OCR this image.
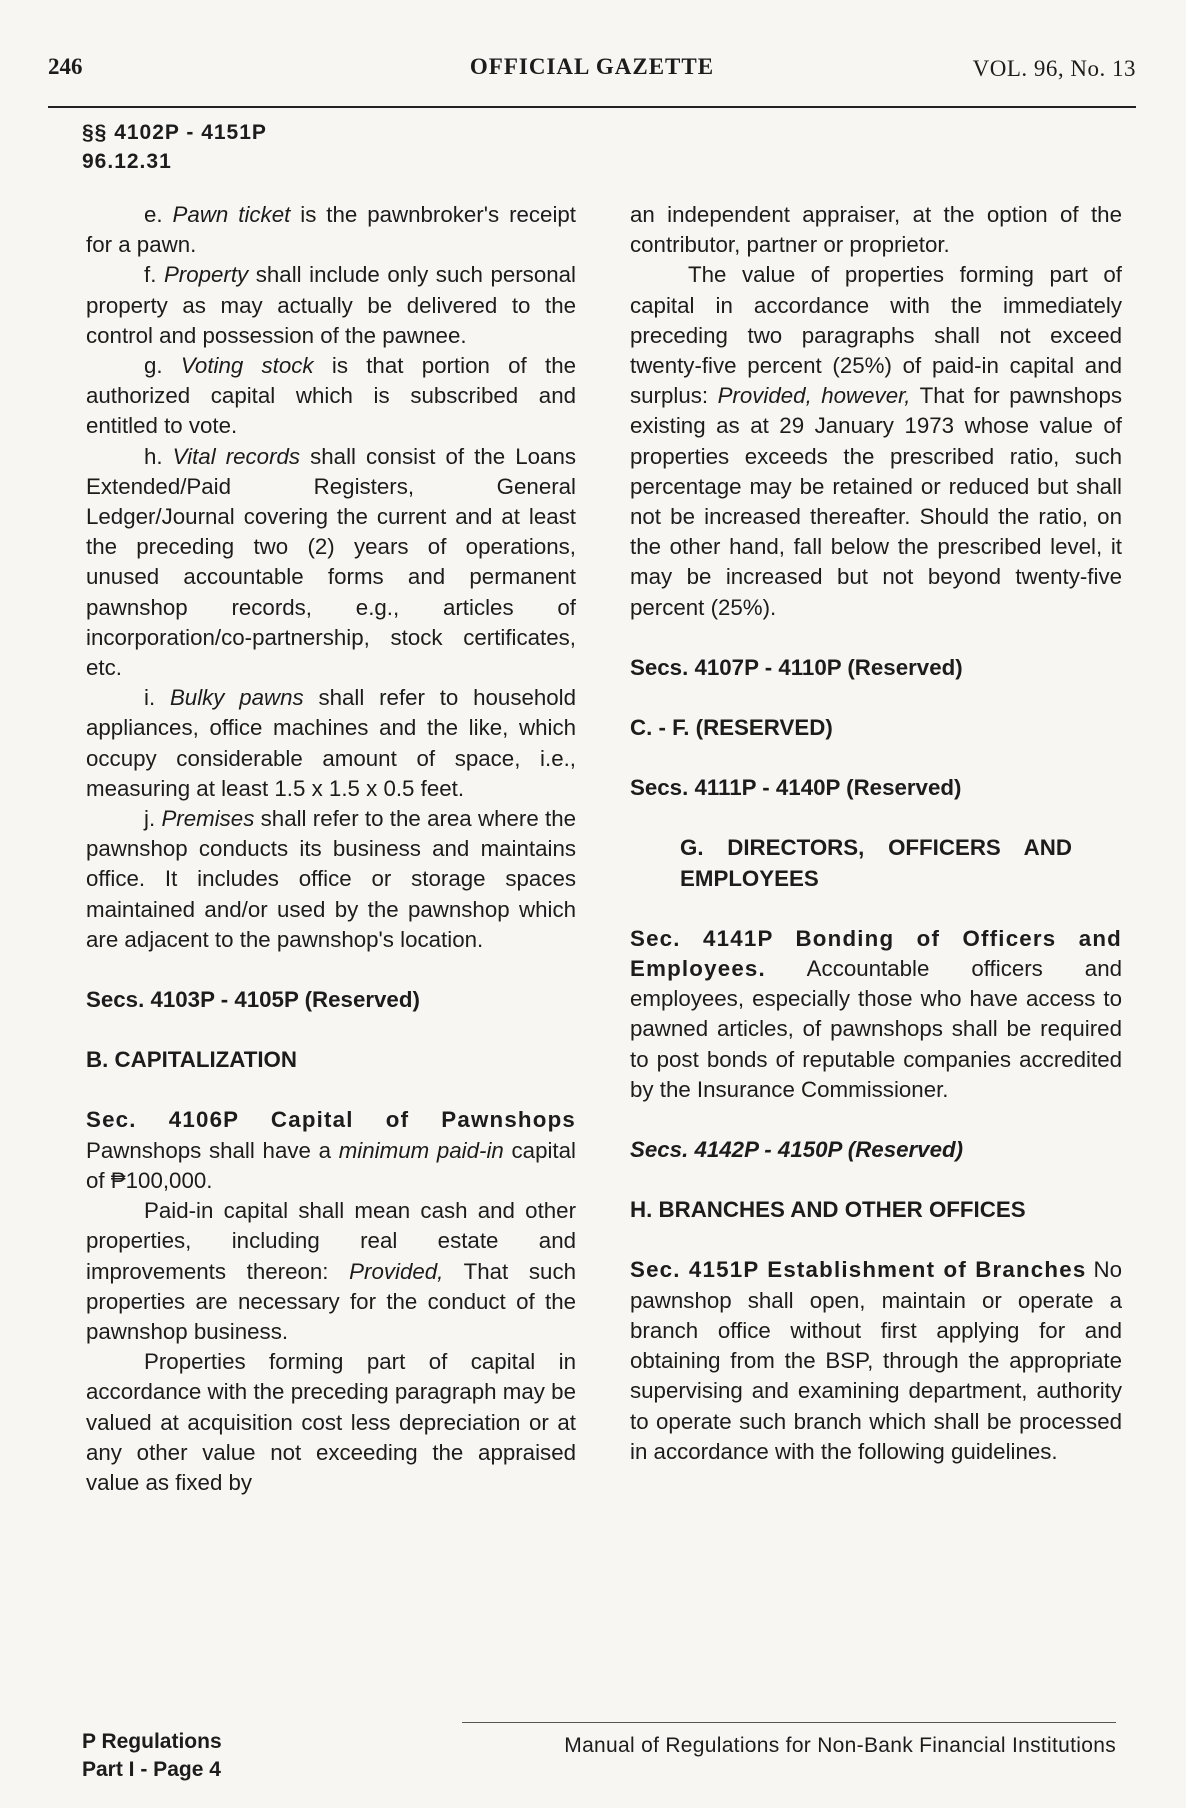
246	OFFICIAL GAZETTE	VOL. 96, No. 13
§§ 4102P - 4151P
96.12.31

e. Pawn ticket is the pawnbroker's receipt for a pawn.

f. Property shall include only such personal property as may actually be delivered to the control and possession of the pawnee.

g. Voting stock is that portion of the authorized capital which is subscribed and entitled to vote.

h. Vital records shall consist of the Loans Extended/Paid Registers, General Ledger/Journal covering the current and at least the preceding two (2) years of operations, unused accountable forms and permanent pawnshop records, e.g., articles of incorporation/co-partnership, stock certificates, etc.

i. Bulky pawns shall refer to household appliances, office machines and the like, which occupy considerable amount of space, i.e., measuring at least 1.5 x 1.5 x 0.5 feet.

j. Premises shall refer to the area where the pawnshop conducts its business and maintains office. It includes office or storage spaces maintained and/or used by the pawnshop which are adjacent to the pawnshop's location.

Secs. 4103P - 4105P (Reserved)

B. CAPITALIZATION

Sec. 4106P Capital of Pawnshops Pawnshops shall have a minimum paid-in capital of ₱100,000.

Paid-in capital shall mean cash and other properties, including real estate and improvements thereon: Provided, That such properties are necessary for the conduct of the pawnshop business.

Properties forming part of capital in accordance with the preceding paragraph may be valued at acquisition cost less depreciation or at any other value not exceeding the appraised value as fixed by

an independent appraiser, at the option of the contributor, partner or proprietor.

The value of properties forming part of capital in accordance with the immediately preceding two paragraphs shall not exceed twenty-five percent (25%) of paid-in capital and surplus: Provided, however, That for pawnshops existing as at 29 January 1973 whose value of properties exceeds the prescribed ratio, such percentage may be retained or reduced but shall not be increased thereafter. Should the ratio, on the other hand, fall below the prescribed level, it may be increased but not beyond twenty-five percent (25%).

Secs. 4107P - 4110P (Reserved)

C. - F. (RESERVED)

Secs. 4111P - 4140P (Reserved)

G. DIRECTORS, OFFICERS AND EMPLOYEES

Sec. 4141P Bonding of Officers and Employees. Accountable officers and employees, especially those who have access to pawned articles, of pawnshops shall be required to post bonds of reputable companies accredited by the Insurance Commissioner.

Secs. 4142P - 4150P (Reserved)

H. BRANCHES AND OTHER OFFICES

Sec. 4151P Establishment of Branches No pawnshop shall open, maintain or operate a branch office without first applying for and obtaining from the BSP, through the appropriate supervising and examining department, authority to operate such branch which shall be processed in accordance with the following guidelines.

P Regulations
Part I - Page 4
Manual of Regulations for Non-Bank Financial Institutions
